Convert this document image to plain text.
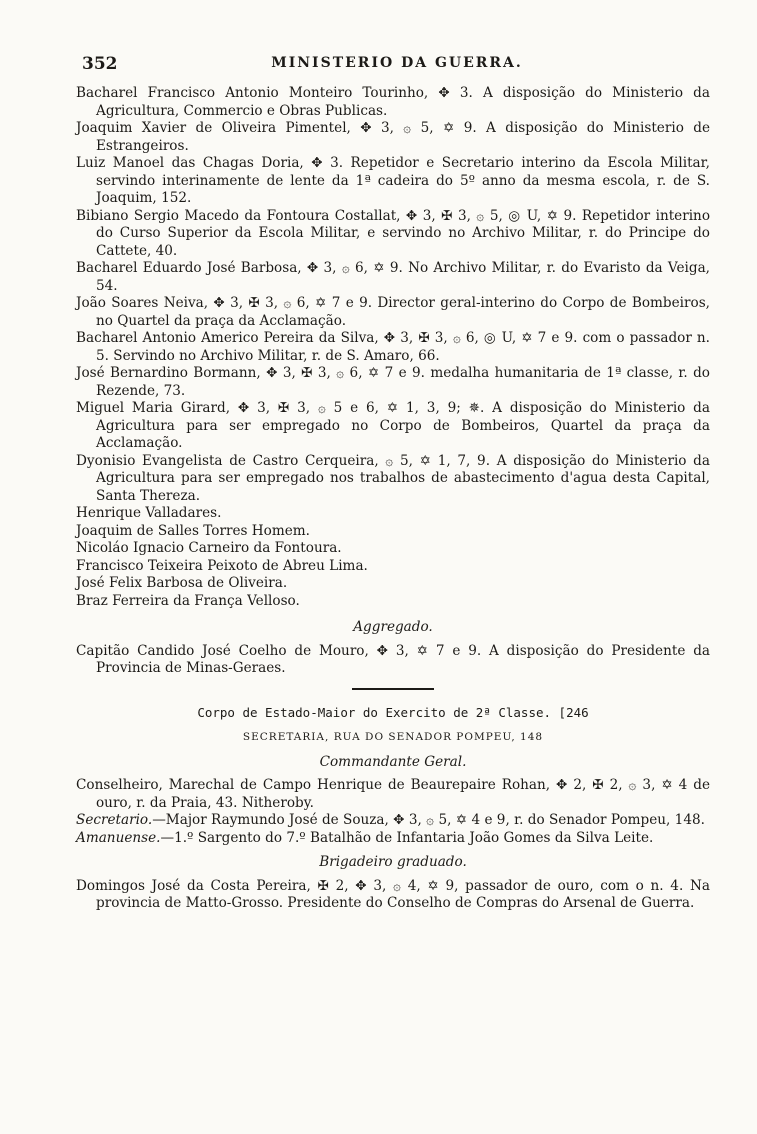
352	MINISTERIO DA GUERRA.
Bacharel Francisco Antonio Monteiro Tourinho, ✥ 3. A disposição do Ministerio da Agricultura, Commercio e Obras Publicas.
Joaquim Xavier de Oliveira Pimentel, ✥ 3, ۞ 5, ✡ 9. A disposição do Ministerio de Estrangeiros.
Luiz Manoel das Chagas Doria, ✥ 3. Repetidor e Secretario interino da Escola Militar, servindo interinamente de lente da 1ª cadeira do 5º anno da mesma escola, r. de S. Joaquim, 152.
Bibiano Sergio Macedo da Fontoura Costallat, ✥ 3, ✠ 3, ۞ 5, ◎ U, ✡ 9. Repetidor interino do Curso Superior da Escola Militar, e servindo no Archivo Militar, r. do Principe do Cattete, 40.
Bacharel Eduardo José Barbosa, ✥ 3, ۞ 6, ✡ 9. No Archivo Militar, r. do Evaristo da Veiga, 54.
João Soares Neiva, ✥ 3, ✠ 3, ۞ 6, ✡ 7 e 9. Director geral-interino do Corpo de Bombeiros, no Quartel da praça da Acclamação.
Bacharel Antonio Americo Pereira da Silva, ✥ 3, ✠ 3, ۞ 6, ◎ U, ✡ 7 e 9. com o passador n. 5. Servindo no Archivo Militar, r. de S. Amaro, 66.
José Bernardino Bormann, ✥ 3, ✠ 3, ۞ 6, ✡ 7 e 9. medalha humanitaria de 1ª classe, r. do Rezende, 73.
Miguel Maria Girard, ✥ 3, ✠ 3, ۞ 5 e 6, ✡ 1, 3, 9; ✵. A disposição do Ministerio da Agricultura para ser empregado no Corpo de Bombeiros, Quartel da praça da Acclamação.
Dyonisio Evangelista de Castro Cerqueira, ۞ 5, ✡ 1, 7, 9. A disposição do Ministerio da Agricultura para ser empregado nos trabalhos de abastecimento d'agua desta Capital, Santa Thereza.
Henrique Valladares.
Joaquim de Salles Torres Homem.
Nicoláo Ignacio Carneiro da Fontoura.
Francisco Teixeira Peixoto de Abreu Lima.
José Felix Barbosa de Oliveira.
Braz Ferreira da França Velloso.
Aggregado.
Capitão Candido José Coelho de Mouro, ✥ 3, ✡ 7 e 9. A disposição do Presidente da Provincia de Minas-Geraes.
Corpo de Estado-Maior do Exercito de 2ª Classe. [246
SECRETARIA, RUA DO SENADOR POMPEU, 148
Commandante Geral.
Conselheiro, Marechal de Campo Henrique de Beaurepaire Rohan, ✥ 2, ✠ 2, ۞ 3, ✡ 4 de ouro, r. da Praia, 43. Nitheroby.
Secretario.—Major Raymundo José de Souza, ✥ 3, ۞ 5, ✡ 4 e 9, r. do Senador Pompeu, 148.
Amanuense.—1.º Sargento do 7.º Batalhão de Infantaria João Gomes da Silva Leite.
Brigadeiro graduado.
Domingos José da Costa Pereira, ✠ 2, ✥ 3, ۞ 4, ✡ 9, passador de ouro, com o n. 4. Na provincia de Matto-Grosso. Presidente do Conselho de Compras do Arsenal de Guerra.
